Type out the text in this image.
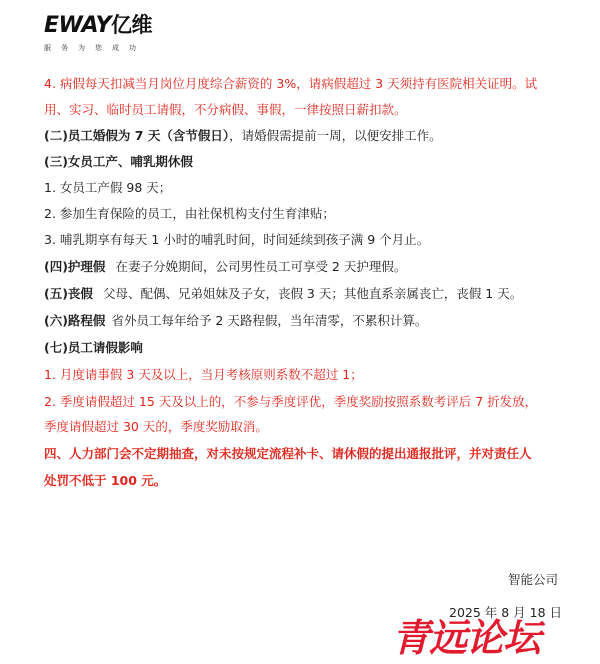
EWAY亿维
服务为您成功
4. 病假每天扣减当月岗位月度综合薪资的 3%，请病假超过 3 天须持有医院相关证明。试
用、实习、临时员工请假，不分病假、事假，一律按照日薪扣款。
(二)员工婚假为 7 天（含节假日），请婚假需提前一周，以便安排工作。
(三)女员工产、哺乳期休假
1. 女员工产假 98 天；
2. 参加生育保险的员工，由社保机构支付生育津贴；
3. 哺乳期享有每天 1 小时的哺乳时间，时间延续到孩子满 9 个月止。
(四)护理假 在妻子分娩期间，公司男性员工可享受 2 天护理假。
(五)丧假 父母、配偶、兄弟姐妹及子女，丧假 3 天；其他直系亲属丧亡，丧假 1 天。
(六)路程假 省外员工每年给予 2 天路程假，当年清零，不累积计算。
(七)员工请假影响
1. 月度请事假 3 天及以上，当月考核原则系数不超过 1；
2. 季度请假超过 15 天及以上的，不参与季度评优，季度奖励按照系数考评后 7 折发放，
季度请假超过 30 天的，季度奖励取消。
四、人力部门会不定期抽查，对未按规定流程补卡、请休假的提出通报批评，并对责任人
处罚不低于 100 元。
智能公司
2025 年 8 月 18 日
青远论坛
